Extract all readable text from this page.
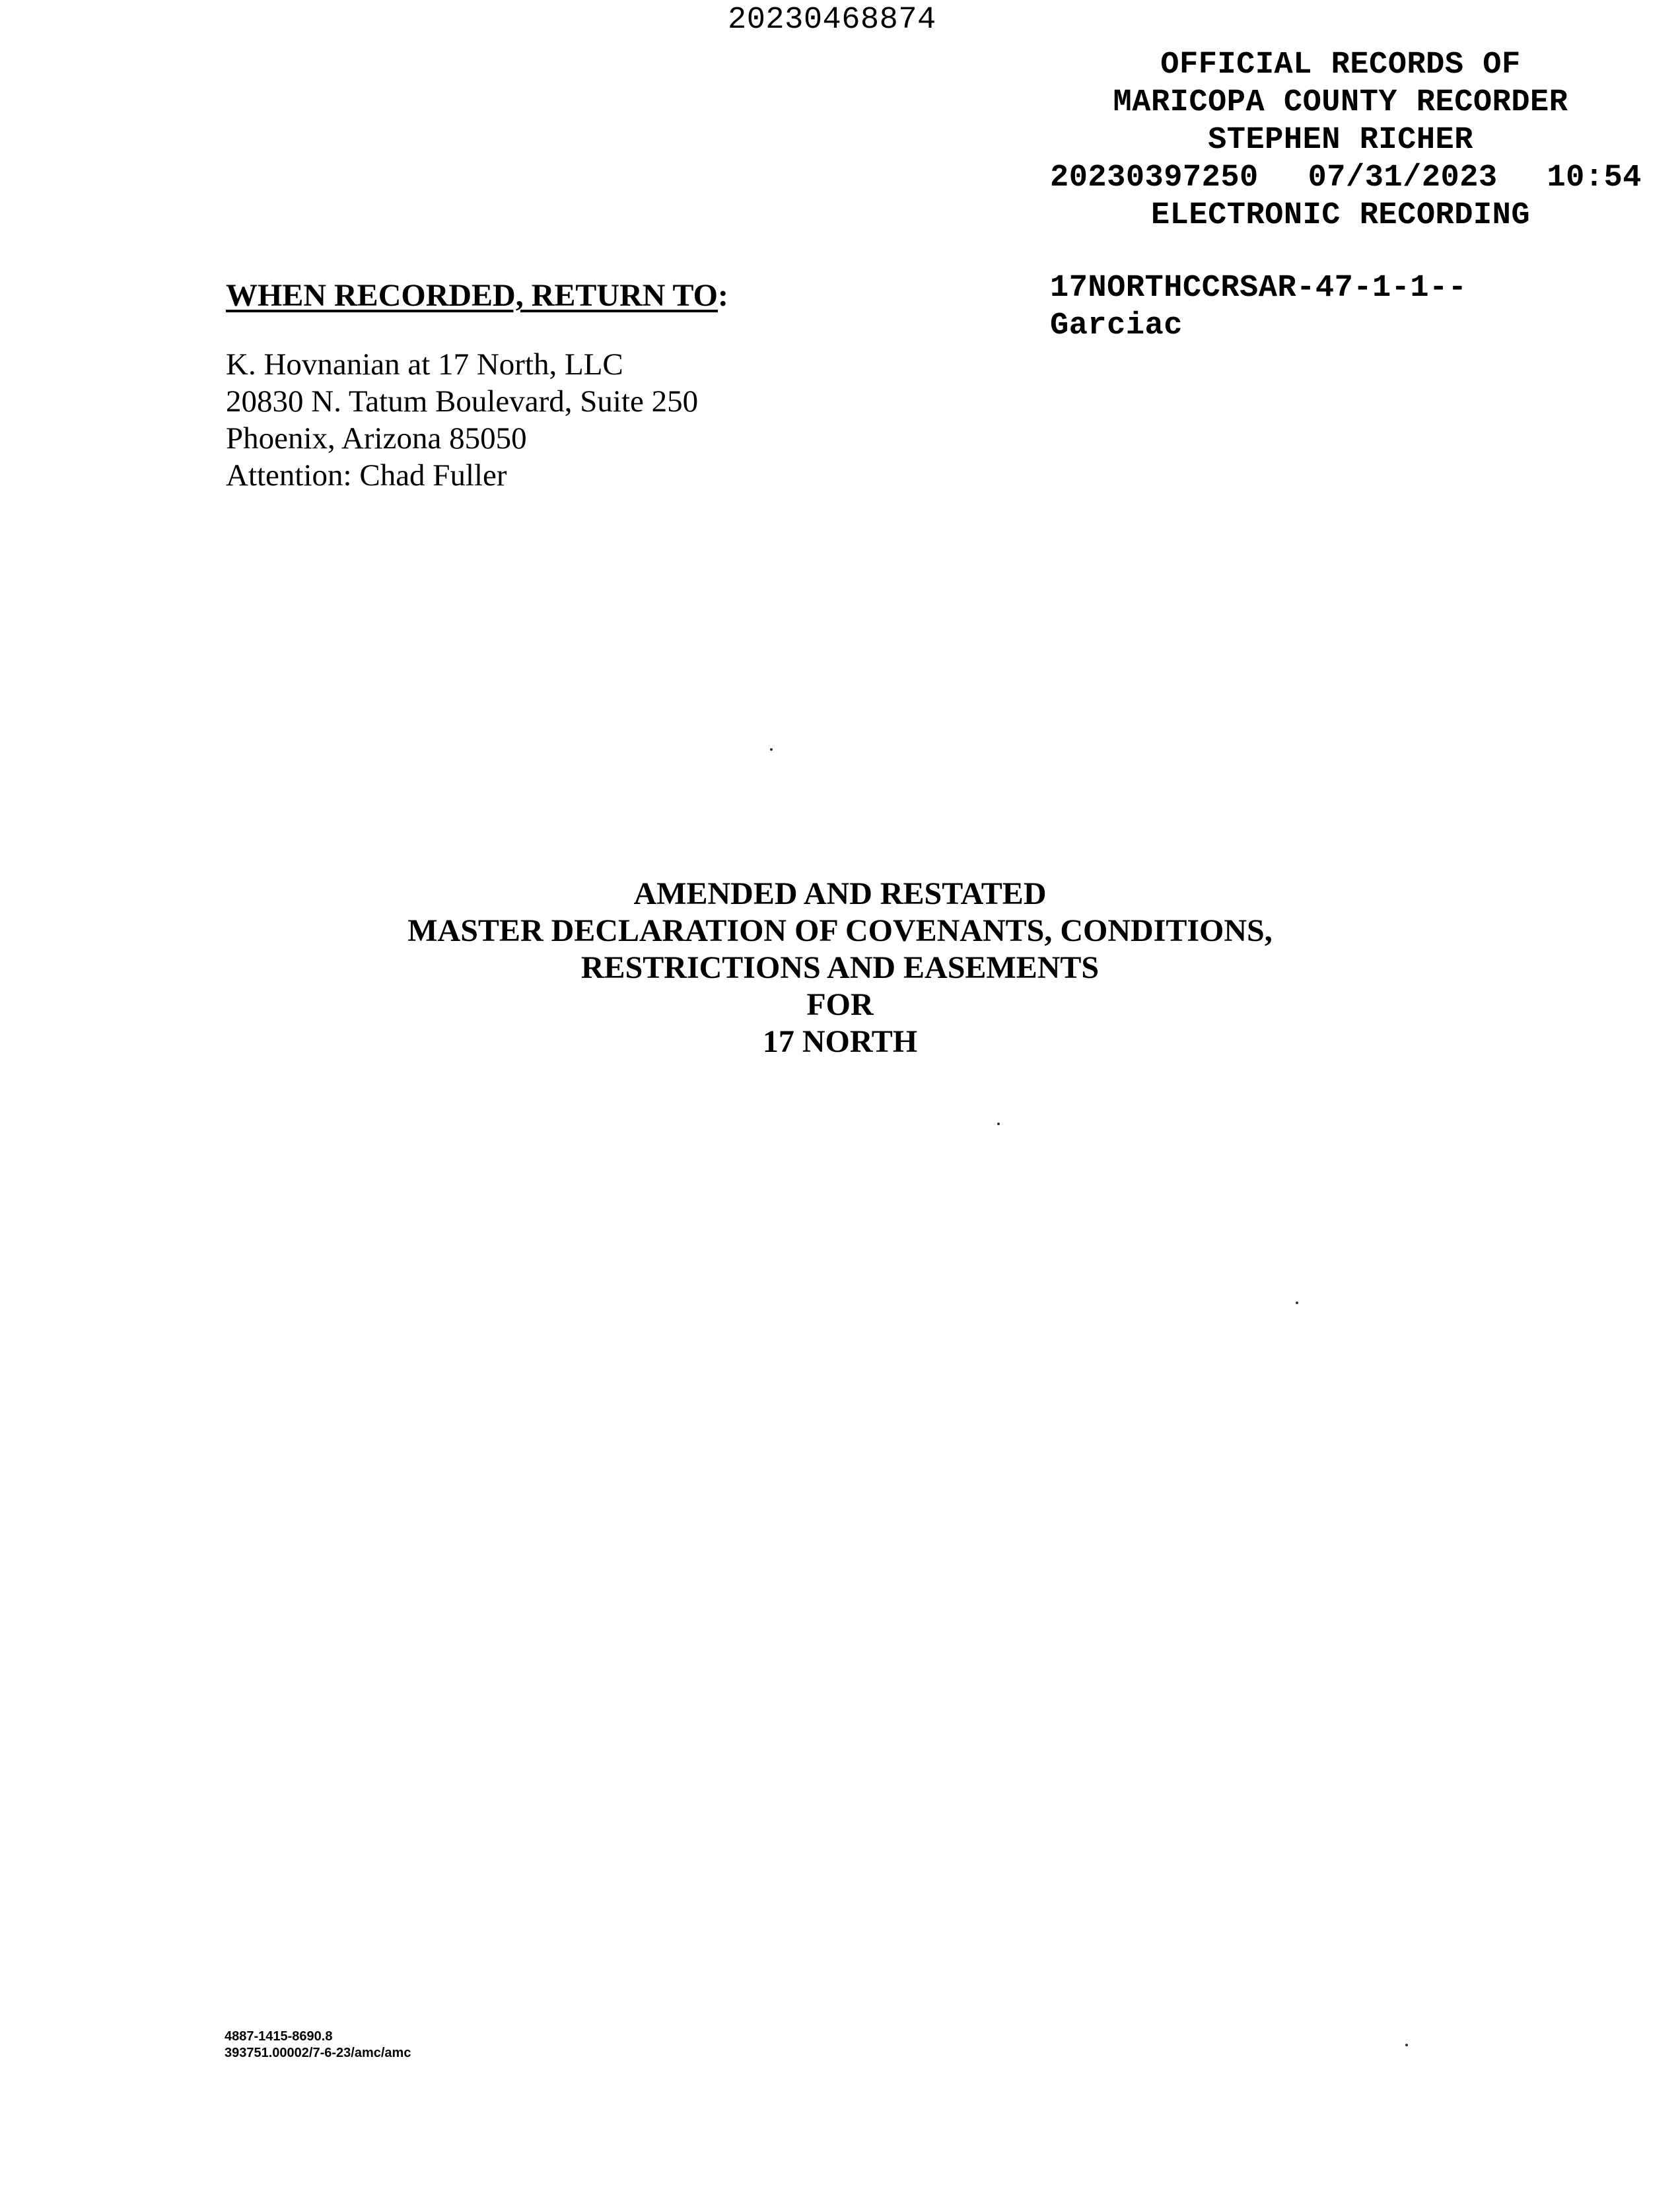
20230468874
OFFICIAL RECORDS OF
MARICOPA COUNTY RECORDER
STEPHEN RICHER
20230397250 07/31/2023 10:54
ELECTRONIC RECORDING
17NORTHCCRSAR-47-1-1--
Garciac
WHEN RECORDED, RETURN TO:
K. Hovnanian at 17 North, LLC
20830 N. Tatum Boulevard, Suite 250
Phoenix, Arizona 85050
Attention: Chad Fuller
AMENDED AND RESTATED
MASTER DECLARATION OF COVENANTS, CONDITIONS,
RESTRICTIONS AND EASEMENTS
FOR
17 NORTH
4887-1415-8690.8
393751.00002/7-6-23/amc/amc
